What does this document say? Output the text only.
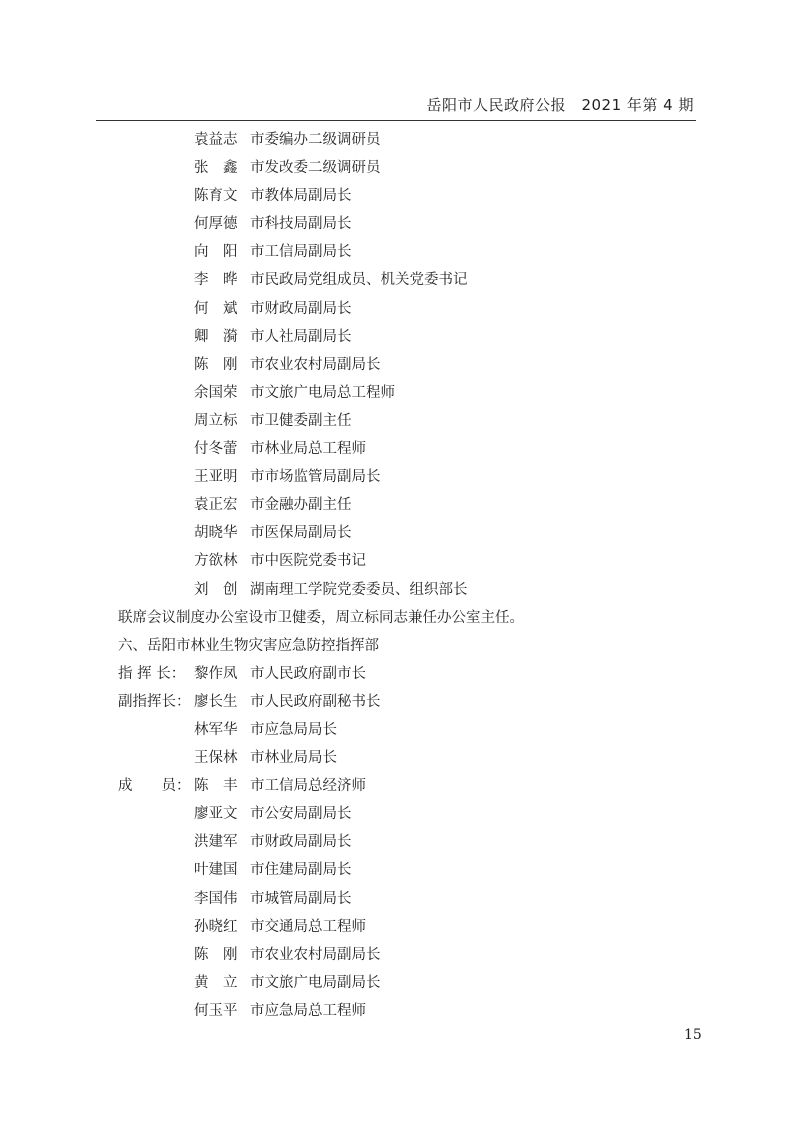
岳阳市人民政府公报　2021 年第 4 期
袁益志 市委编办二级调研员
张　鑫 市发改委二级调研员
陈育文 市教体局副局长
何厚德 市科技局副局长
向　阳 市工信局副局长
李　晔 市民政局党组成员、机关党委书记
何　斌 市财政局副局长
卿　漪 市人社局副局长
陈　刚 市农业农村局副局长
余国荣 市文旅广电局总工程师
周立标 市卫健委副主任
付冬蕾 市林业局总工程师
王亚明 市市场监管局副局长
袁正宏 市金融办副主任
胡晓华 市医保局副局长
方欲林 市中医院党委书记
刘　创 湖南理工学院党委委员、组织部长
联席会议制度办公室设市卫健委，周立标同志兼任办公室主任。
六、岳阳市林业生物灾害应急防控指挥部
指 挥 长： 黎作凤 市人民政府副市长
副指挥长： 廖长生 市人民政府副秘书长
林军华 市应急局局长
王保林 市林业局局长
成　　员： 陈　丰 市工信局总经济师
廖亚文 市公安局副局长
洪建军 市财政局副局长
叶建国 市住建局副局长
李国伟 市城管局副局长
孙晓红 市交通局总工程师
陈　刚 市农业农村局副局长
黄　立 市文旅广电局副局长
何玉平 市应急局总工程师
15
